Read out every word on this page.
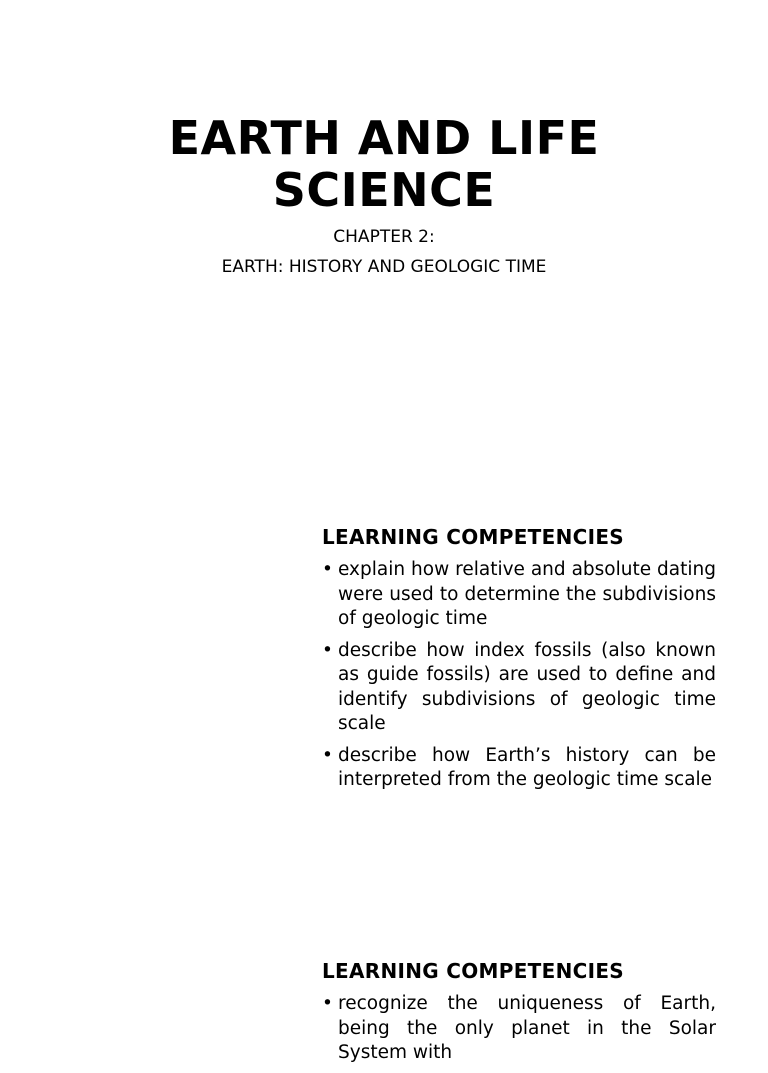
EARTH AND LIFE
SCIENCE

CHAPTER 2:

EARTH: HISTORY AND GEOLOGIC TIME

LEARNING COMPETENCIES
• explain how relative and absolute dating were used to determine the subdivisions of geologic time
• describe how index fossils (also known as guide fossils) are used to define and identify subdivisions of geologic time scale
• describe how Earth’s history can be interpreted from the geologic time scale
LEARNING COMPETENCIES
• recognize the uniqueness of Earth, being the only planet in the Solar System with
